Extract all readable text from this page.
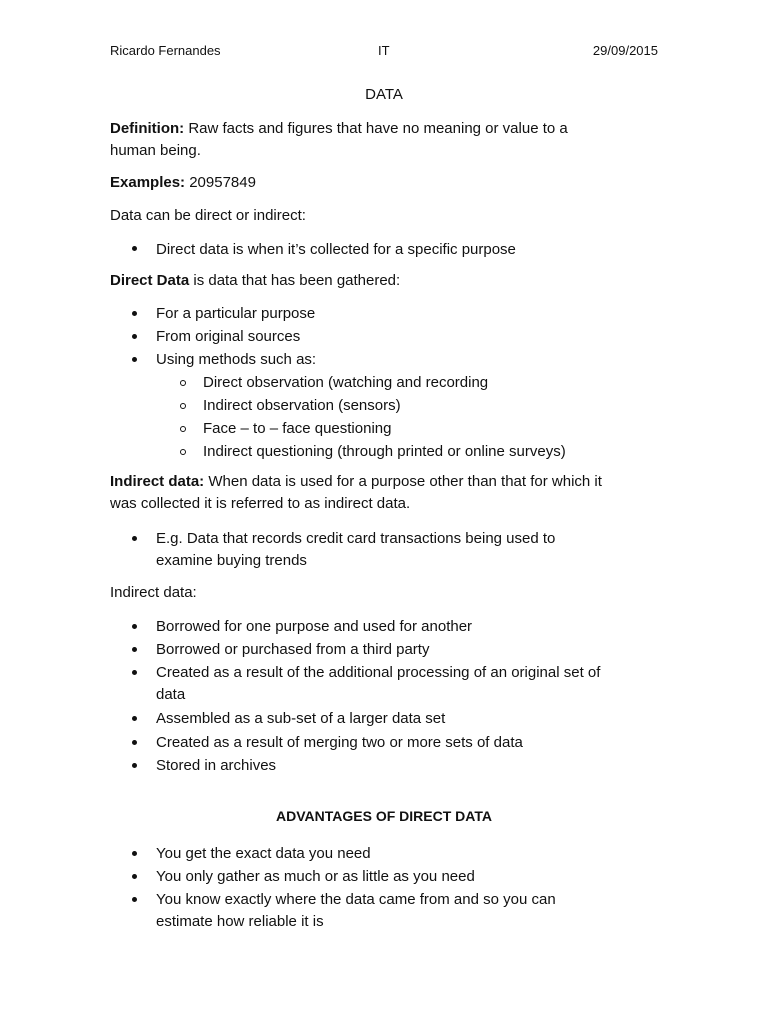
Ricardo Fernandes	IT	29/09/2015
DATA
Definition: Raw facts and figures that have no meaning or value to a
human being.
Examples: 20957849
Data can be direct or indirect:
Direct data is when it’s collected for a specific purpose
Direct Data is data that has been gathered:
For a particular purpose
From original sources
Using methods such as:
Direct observation (watching and recording
Indirect observation (sensors)
Face – to – face questioning
Indirect questioning (through printed or online surveys)
Indirect data: When data is used for a purpose other than that for which it
was collected it is referred to as indirect data.
E.g. Data that records credit card transactions being used to
examine buying trends
Indirect data:
Borrowed for one purpose and used for another
Borrowed or purchased from a third party
Created as a result of the additional processing of an original set of
data
Assembled as a sub-set of a larger data set
Created as a result of merging two or more sets of data
Stored in archives
ADVANTAGES OF DIRECT DATA
You get the exact data you need
You only gather as much or as little as you need
You know exactly where the data came from and so you can
estimate how reliable it is
